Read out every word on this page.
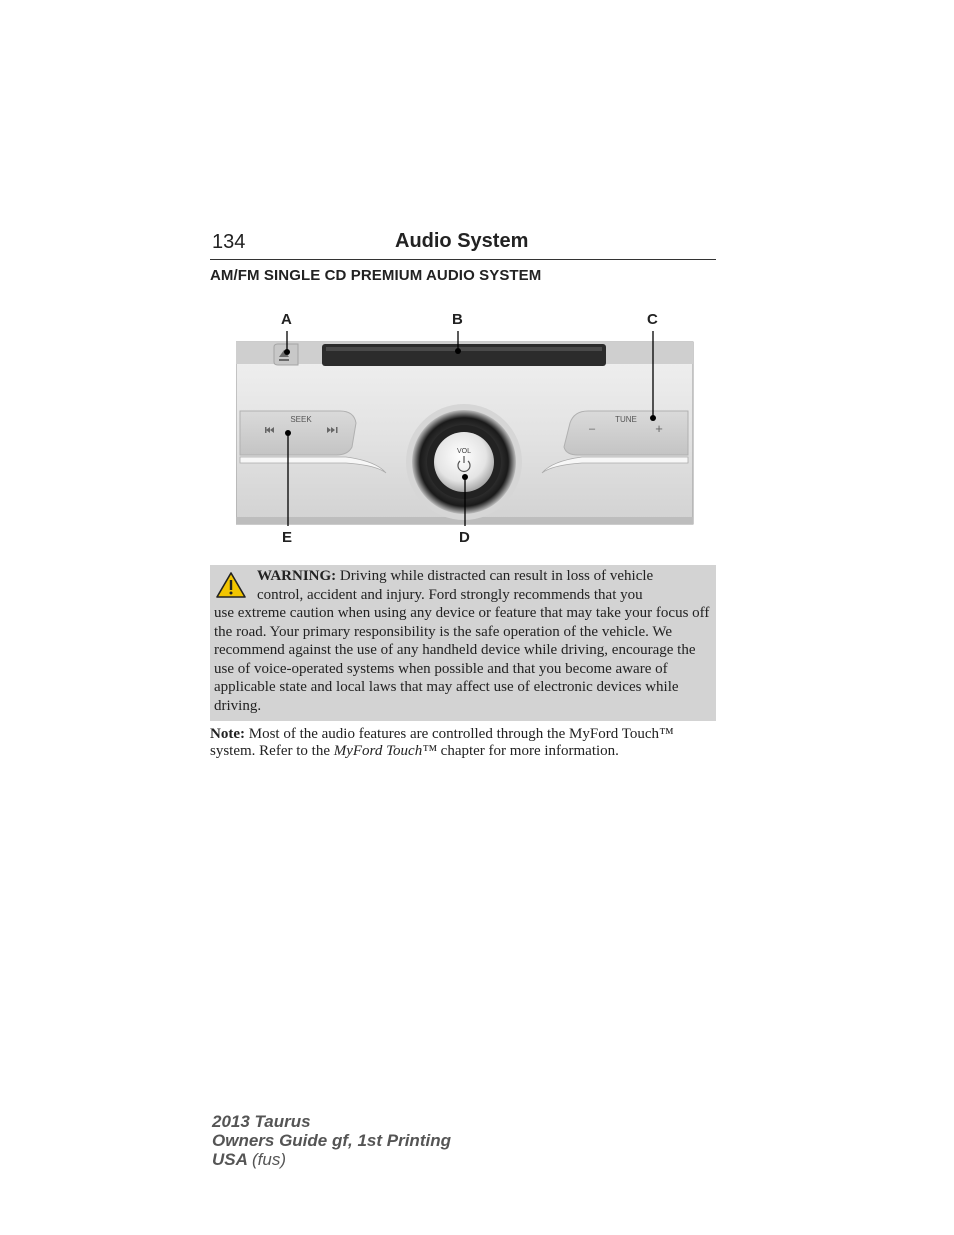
134	Audio System
AM/FM SINGLE CD PREMIUM AUDIO SYSTEM
A	B	C
E	D
SEEK	TUNE
–	+
VOL
WARNING: Driving while distracted can result in loss of vehicle
control, accident and injury. Ford strongly recommends that you
use extreme caution when using any device or feature that may take your focus off the road. Your primary responsibility is the safe operation of the vehicle. We recommend against the use of any handheld device while driving, encourage the use of voice-operated systems when possible and that you become aware of applicable state and local laws that may affect use of electronic devices while driving.
Note: Most of the audio features are controlled through the MyFord Touch™ system. Refer to the MyFord Touch™ chapter for more information.
2013 Taurus
Owners Guide gf, 1st Printing
USA (fus)
